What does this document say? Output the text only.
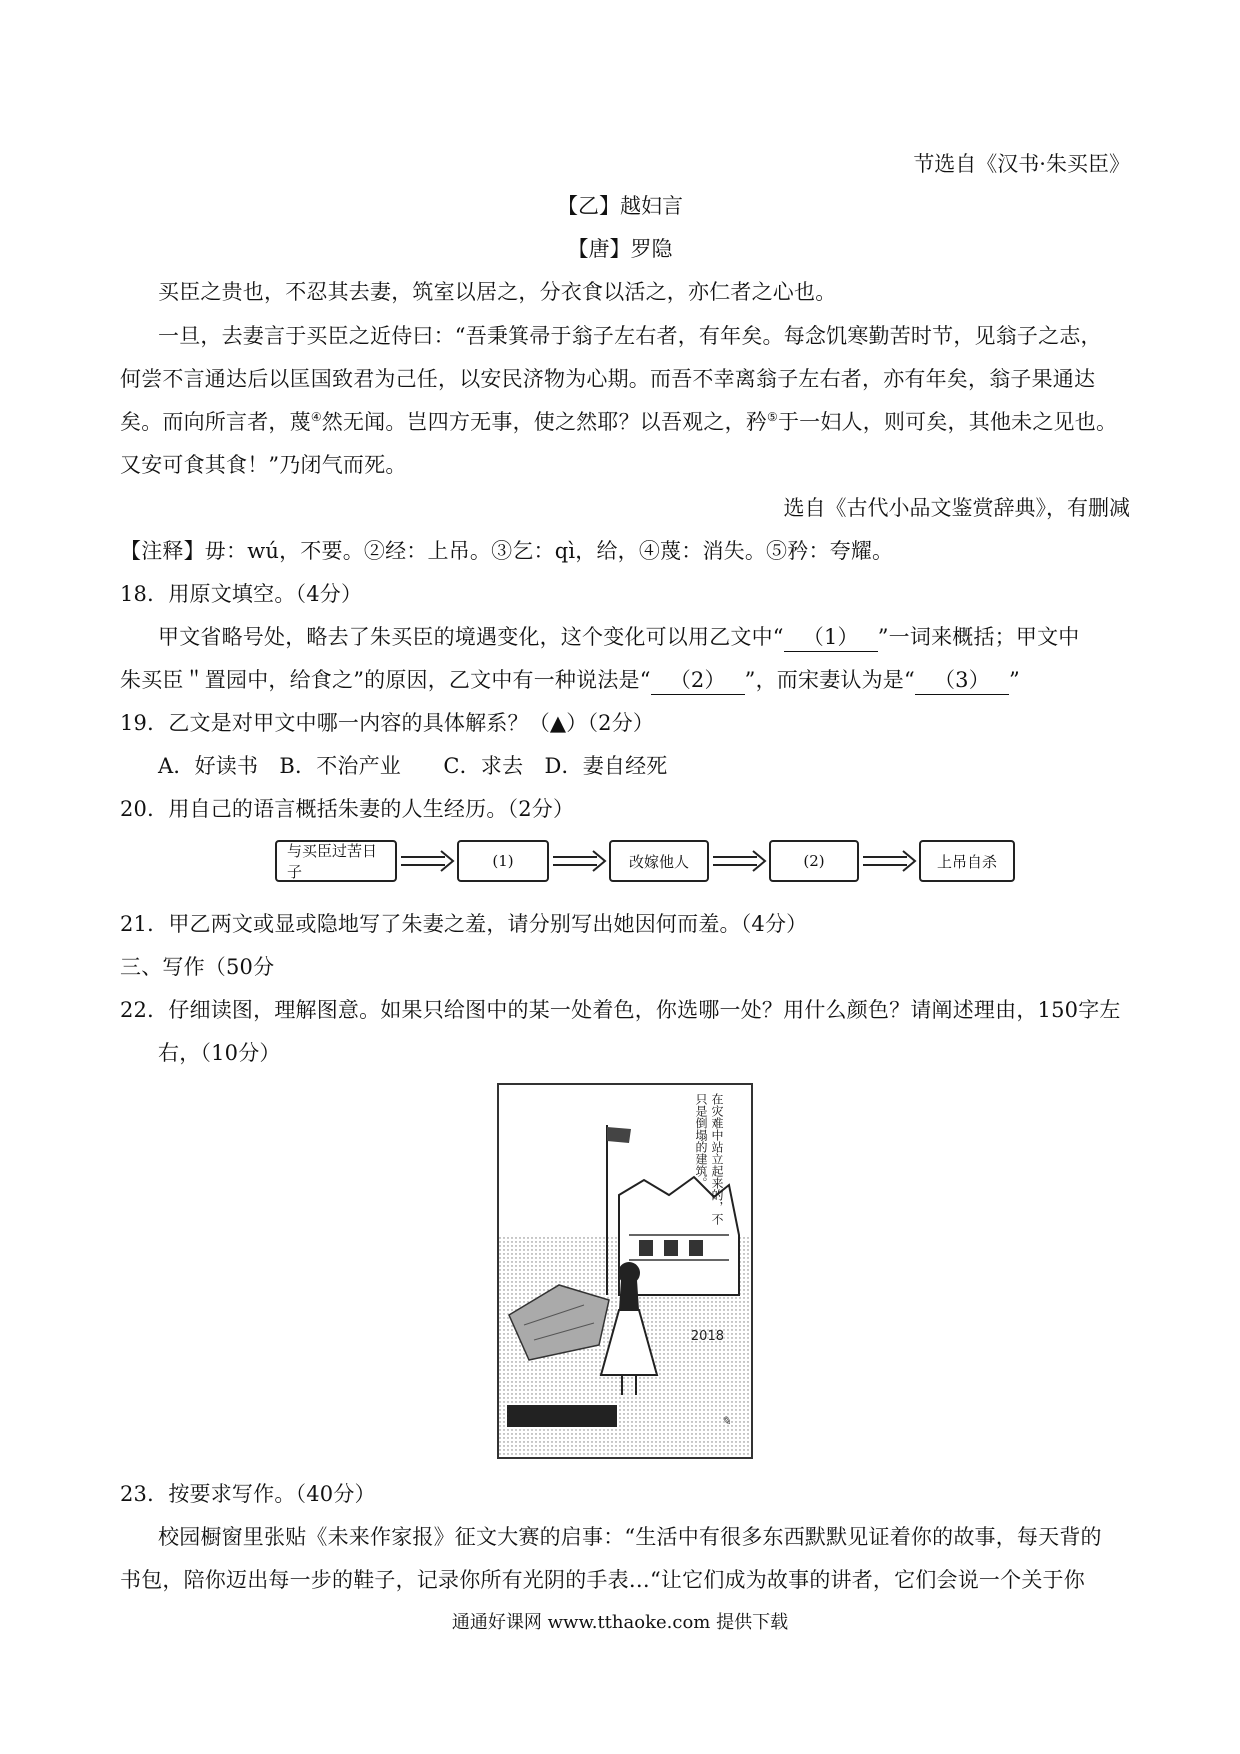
节选自《汉书·朱买臣》
【乙】越妇言
【唐】罗隐
买臣之贵也，不忍其去妻，筑室以居之，分衣食以活之，亦仁者之心也。
一旦，去妻言于买臣之近侍曰：“吾秉箕帚于翁子左右者，有年矣。每念饥寒勤苦时节，见翁子之志，
何尝不言通达后以匡国致君为己任，以安民济物为心期。而吾不幸离翁子左右者，亦有年矣，翁子果通达
矣。而向所言者，蔑④然无闻。岂四方无事，使之然耶？以吾观之，矜⑤于一妇人，则可矣，其他未之见也。
又安可食其食！”乃闭气而死。
选自《古代小品文鉴赏辞典》，有删减
【注释】毋：wú，不要。②经：上吊。③乞：qì，给，④蔑：消失。⑤矜：夸耀。
18．用原文填空。（4分）
甲文省略号处，略去了朱买臣的境遇变化，这个变化可以用乙文中“ （1） ”一词来概括；甲文中
朱买臣＂置园中，给食之”的原因，乙文中有一种说法是“ （2） ”，而宋妻认为是“ （3） ”
19．乙文是对甲文中哪一内容的具体解系？（▲）（2分）
A．好读书　B．不治产业　　C．求去　D．妻自经死
20．用自己的语言概括朱妻的人生经历。（2分）
与买臣过苦日子
(1)	改嫁他人	(2)	上吊自杀
21．甲乙两文或显或隐地写了朱妻之羞，请分别写出她因何而羞。（4分）
三、写作（50分
22．仔细读图，理解图意。如果只给图中的某一处着色，你选哪一处？用什么颜色？请阐述理由，150字左
右，（10分）
2018
✎
在灾难中站立起来的，不只是倒塌的建筑。
23．按要求写作。（40分）
校园橱窗里张贴《未来作家报》征文大赛的启事：“生活中有很多东西默默见证着你的故事，每天背的
书包，陪你迈出每一步的鞋子，记录你所有光阴的手表…“让它们成为故事的讲者，它们会说一个关于你
通通好课网 www.tthaoke.com 提供下载
